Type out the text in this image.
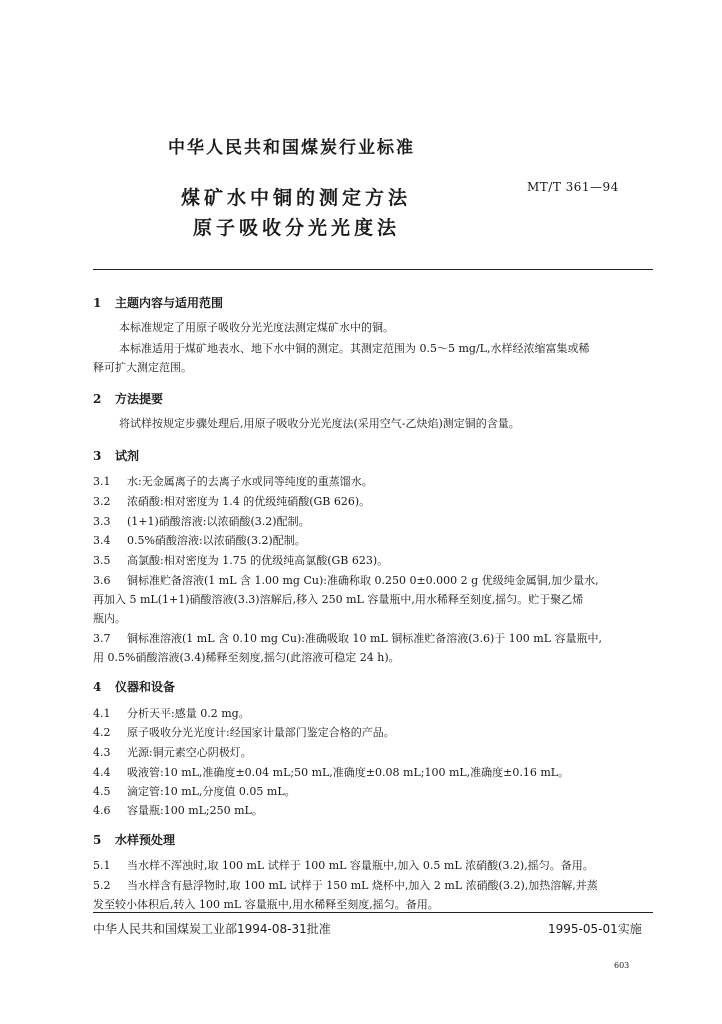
中华人民共和国煤炭行业标准
煤矿水中铜的测定方法
原子吸收分光光度法
MT/T 361—94
1 主题内容与适用范围
本标准规定了用原子吸收分光光度法测定煤矿水中的铜。
本标准适用于煤矿地表水、地下水中铜的测定。其测定范围为 0.5～5 mg/L,水样经浓缩富集或稀
释可扩大测定范围。
2 方法提要
将试样按规定步骤处理后,用原子吸收分光光度法(采用空气-乙炔焰)测定铜的含量。
3 试剂
3.1 水:无金属离子的去离子水或同等纯度的重蒸馏水。
3.2 浓硝酸:相对密度为 1.4 的优级纯硝酸(GB 626)。
3.3 (1+1)硝酸溶液:以浓硝酸(3.2)配制。
3.4 0.5%硝酸溶液:以浓硝酸(3.2)配制。
3.5 高氯酸:相对密度为 1.75 的优级纯高氯酸(GB 623)。
3.6 铜标准贮备溶液(1 mL 含 1.00 mg Cu):准确称取 0.250 0±0.000 2 g 优级纯金属铜,加少量水,
再加入 5 mL(1+1)硝酸溶液(3.3)溶解后,移入 250 mL 容量瓶中,用水稀释至刻度,摇匀。贮于聚乙烯
瓶内。
3.7 铜标准溶液(1 mL 含 0.10 mg Cu):准确吸取 10 mL 铜标准贮备溶液(3.6)于 100 mL 容量瓶中,
用 0.5%硝酸溶液(3.4)稀释至刻度,摇匀(此溶液可稳定 24 h)。
4 仪器和设备
4.1 分析天平:感量 0.2 mg。
4.2 原子吸收分光光度计:经国家计量部门鉴定合格的产品。
4.3 光源:铜元素空心阴极灯。
4.4 吸液管:10 mL,准确度±0.04 mL;50 mL,准确度±0.08 mL;100 mL,准确度±0.16 mL。
4.5 滴定管:10 mL,分度值 0.05 mL。
4.6 容量瓶:100 mL;250 mL。
5 水样预处理
5.1 当水样不浑浊时,取 100 mL 试样于 100 mL 容量瓶中,加入 0.5 mL 浓硝酸(3.2),摇匀。备用。
5.2 当水样含有悬浮物时,取 100 mL 试样于 150 mL 烧杯中,加入 2 mL 浓硝酸(3.2),加热溶解,并蒸
发至较小体积后,转入 100 mL 容量瓶中,用水稀释至刻度,摇匀。备用。
中华人民共和国煤炭工业部1994-08-31批准	1995-05-01实施
603
